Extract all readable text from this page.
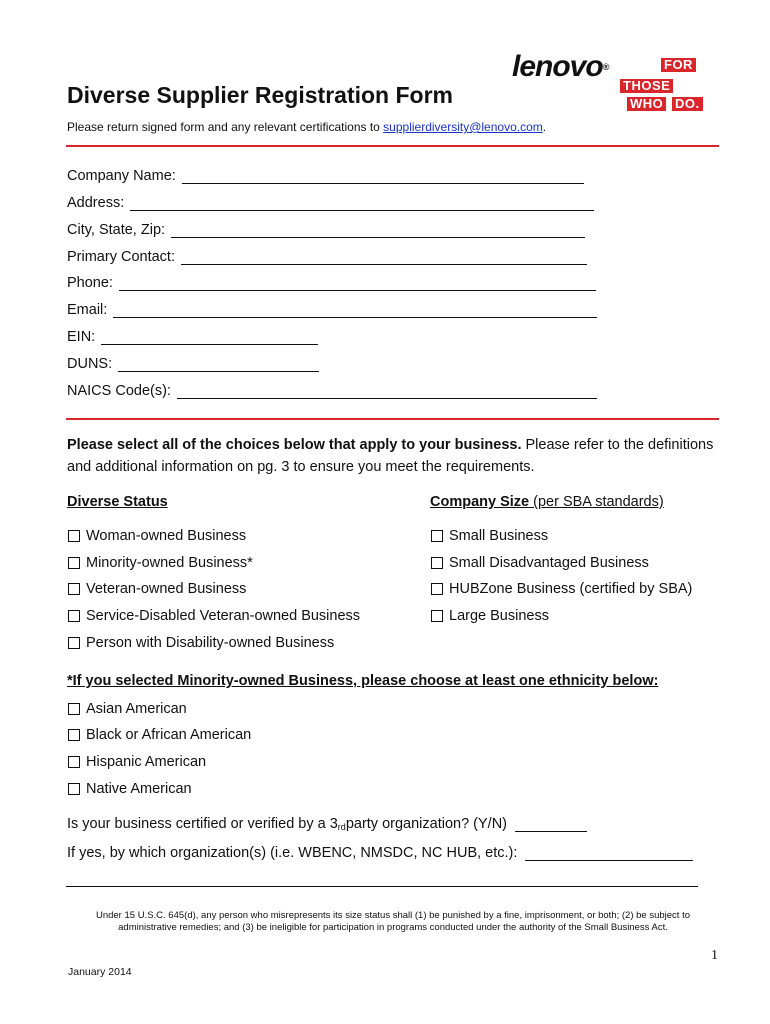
lenovo®	FOR
THOSE
WHO DO.
Diverse Supplier Registration Form
Please return signed form and any relevant certifications to supplierdiversity@lenovo.com.
Company Name:
Address:
City, State, Zip:
Primary Contact:
Phone:
Email:
EIN:
DUNS:
NAICS Code(s):
Please select all of the choices below that apply to your business. Please refer to the definitions and additional information on pg. 3 to ensure you meet the requirements.
Diverse Status	Company Size (per SBA standards)
Woman-owned Business
Minority-owned Business*
Veteran-owned Business
Service-Disabled Veteran-owned Business
Person with Disability-owned Business
Small Business
Small Disadvantaged Business
HUBZone Business (certified by SBA)
Large Business
*If you selected Minority-owned Business, please choose at least one ethnicity below:
Asian American
Black or African American
Hispanic American
Native American
Is your business certified or verified by a $3_{rd}$ party organization? (Y/N)
If yes, by which organization(s) (i.e. WBENC, NMSDC, NC HUB, etc.):
Under 15 U.S.C. 645(d), any person who misrepresents its size status shall (1) be punished by a fine, imprisonment, or both; (2) be subject to administrative remedies; and (3) be ineligible for participation in programs conducted under the authority of the Small Business Act.
1
January 2014
